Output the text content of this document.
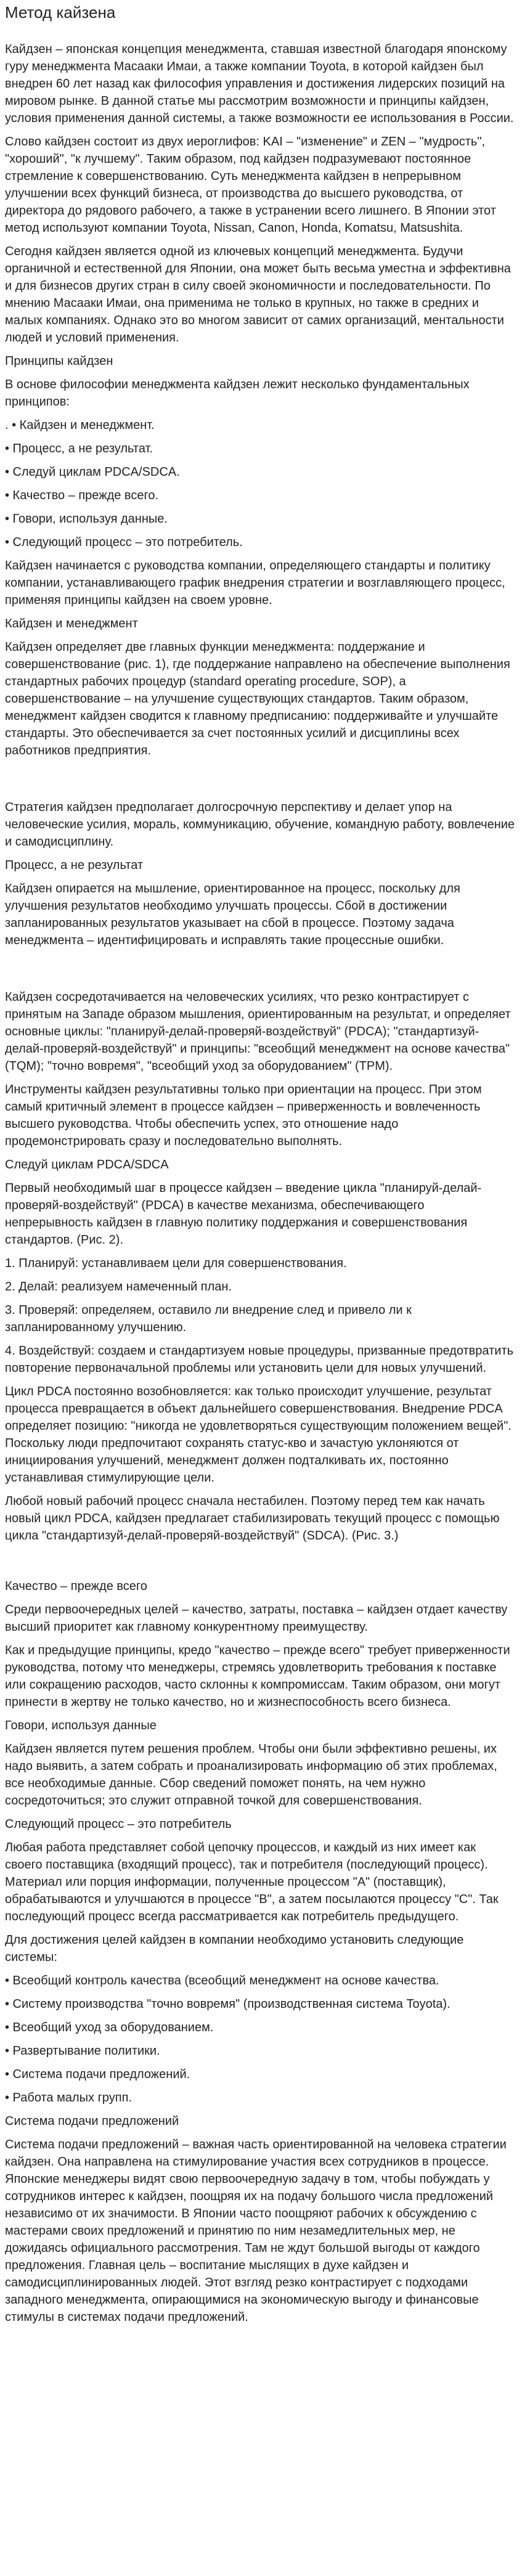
Метод кайзена
Кайдзен – японская концепция менеджмента, ставшая известной благодаря японскому гуру менеджмента Масааки Имаи, а также компании Toyota, в которой кайдзен был внедрен 60 лет назад как философия управления и достижения лидерских позиций на мировом рынке. В данной статье мы рассмотрим возможности и принципы кайдзен, условия применения данной системы, а также возможности ее использования в России.
Слово кайдзен состоит из двух иероглифов: KAI – "изменение" и ZEN – "мудрость", "хороший", "к лучшему". Таким образом, под кайдзен подразумевают постоянное стремление к совершенствованию. Суть менеджмента кайдзен в непрерывном улучшении всех функций бизнеса, от производства до высшего руководства, от директора до рядового рабочего, а также в устранении всего лишнего. В Японии этот метод используют компании Toyota, Nissan, Canon, Honda, Komatsu, Matsushita.
Сегодня кайдзен является одной из ключевых концепций менеджмента. Будучи органичной и естественной для Японии, она может быть весьма уместна и эффективна и для бизнесов других стран в силу своей экономичности и последовательности. По мнению Масааки Имаи, она применима не только в крупных, но также в средних и малых компаниях. Однако это во многом зависит от самих организаций, ментальности людей и условий применения.
Принципы кайдзен
В основе философии менеджмента кайдзен лежит несколько фундаментальных принципов:
. • Кайдзен и менеджмент.
• Процесс, а не результат.
• Следуй циклам PDCA/SDCA.
• Качество – прежде всего.
• Говори, используя данные.
• Следующий процесс – это потребитель.
Кайдзен начинается с руководства компании, определяющего стандарты и политику компании, устанавливающего график внедрения стратегии и возглавляющего процесс, применяя принципы кайдзен на своем уровне.
Кайдзен и менеджмент
Кайдзен определяет две главных функции менеджмента: поддержание и совершенствование (рис. 1), где поддержание направлено на обеспечение выполнения стандартных рабочих процедур (standard operating procedure, SOP), а совершенствование – на улучшение существующих стандартов. Таким образом, менеджмент кайдзен сводится к главному предписанию: поддерживайте и улучшайте стандарты. Это обеспечивается за счет постоянных усилий и дисциплины всех работников предприятия.
Стратегия кайдзен предполагает долгосрочную перспективу и делает упор на человеческие усилия, мораль, коммуникацию, обучение, командную работу, вовлечение и самодисциплину.
Процесс, а не результат
Кайдзен опирается на мышление, ориентированное на процесс, поскольку для улучшения результатов необходимо улучшать процессы. Сбой в достижении запланированных результатов указывает на сбой в процессе. Поэтому задача менеджмента – идентифицировать и исправлять такие процессные ошибки.
Кайдзен сосредотачивается на человеческих усилиях, что резко контрастирует с принятым на Западе образом мышления, ориентированным на результат, и определяет основные циклы: "планируй-делай-проверяй-воздействуй" (PDCA); "стандартизуй-делай-проверяй-воздействуй" и принципы: "всеобщий менеджмент на основе качества" (TQM); "точно вовремя", "всеобщий уход за оборудованием" (TPM).
Инструменты кайдзен результативны только при ориентации на процесс. При этом самый критичный элемент в процессе кайдзен – приверженность и вовлеченность высшего руководства. Чтобы обеспечить успех, это отношение надо продемонстрировать сразу и последовательно выполнять.
Следуй циклам PDCA/SDCA
Первый необходимый шаг в процессе кайдзен – введение цикла "планируй-делай-проверяй-воздействуй" (PDCA) в качестве механизма, обеспечивающего непрерывность кайдзен в главную политику поддержания и совершенствования стандартов. (Рис. 2).
1. Планируй: устанавливаем цели для совершенствования.
2. Делай: реализуем намеченный план.
3. Проверяй: определяем, оставило ли внедрение след и привело ли к запланированному улучшению.
4. Воздействуй: создаем и стандартизуем новые процедуры, призванные предотвратить повторение первоначальной проблемы или установить цели для новых улучшений.
Цикл PDCA постоянно возобновляется: как только происходит улучшение, результат процесса превращается в объект дальнейшего совершенствования. Внедрение PDCA определяет позицию: "никогда не удовлетворяться существующим положением вещей". Поскольку люди предпочитают сохранять статус-кво и зачастую уклоняются от инициирования улучшений, менеджмент должен подталкивать их, постоянно устанавливая стимулирующие цели.
Любой новый рабочий процесс сначала нестабилен. Поэтому перед тем как начать новый цикл PDCA, кайдзен предлагает стабилизировать текущий процесс с помощью цикла "стандартизуй-делай-проверяй-воздействуй" (SDCA). (Рис. 3.)
Качество – прежде всего
Среди первоочередных целей – качество, затраты, поставка – кайдзен отдает качеству высший приоритет как главному конкурентному преимуществу.
Как и предыдущие принципы, кредо "качество – прежде всего" требует приверженности руководства, потому что менеджеры, стремясь удовлетворить требования к поставке или сокращению расходов, часто склонны к компромиссам. Таким образом, они могут принести в жертву не только качество, но и жизнеспособность всего бизнеса.
Говори, используя данные
Кайдзен является путем решения проблем. Чтобы они были эффективно решены, их надо выявить, а затем собрать и проанализировать информацию об этих проблемах, все необходимые данные. Сбор сведений поможет понять, на чем нужно сосредоточиться; это служит отправной точкой для совершенствования.
Следующий процесс – это потребитель
Любая работа представляет собой цепочку процессов, и каждый из них имеет как своего поставщика (входящий процесс), так и потребителя (последующий процесс). Материал или порция информации, полученные процессом "A" (поставщик), обрабатываются и улучшаются в процессе "B", а затем посылаются процессу "C". Так последующий процесс всегда рассматривается как потребитель предыдущего.
Для достижения целей кайдзен в компании необходимо установить следующие системы:
• Всеобщий контроль качества (всеобщий менеджмент на основе качества.
• Систему производства "точно вовремя" (производственная система Toyota).
• Всеобщий уход за оборудованием.
• Развертывание политики.
• Система подачи предложений.
• Работа малых групп.
Система подачи предложений
Система подачи предложений – важная часть ориентированной на человека стратегии кайдзен. Она направлена на стимулирование участия всех сотрудников в процессе. Японские менеджеры видят свою первоочередную задачу в том, чтобы побуждать у сотрудников интерес к кайдзен, поощряя их на подачу большого числа предложений независимо от их значимости. В Японии часто поощряют рабочих к обсуждению с мастерами своих предложений и принятию по ним незамедлительных мер, не дожидаясь официального рассмотрения. Там не ждут большой выгоды от каждого предложения. Главная цель – воспитание мыслящих в духе кайдзен и самодисциплинированных людей. Этот взгляд резко контрастирует с подходами западного менеджмента, опирающимися на экономическую выгоду и финансовые стимулы в системах подачи предложений.
